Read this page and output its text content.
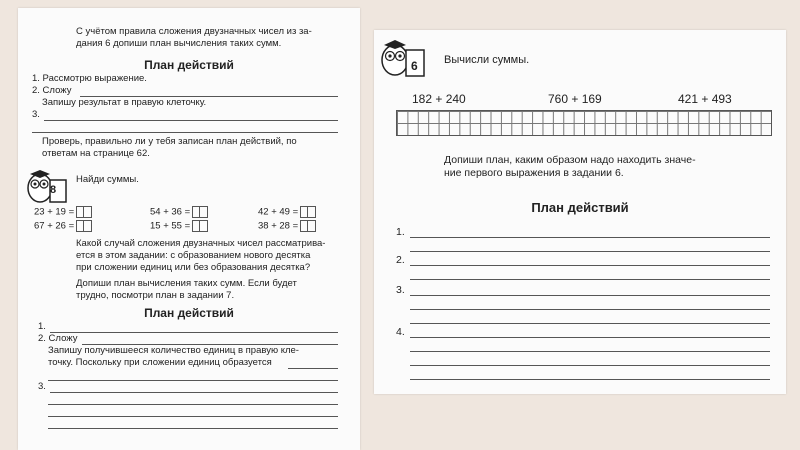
С учётом правила сложения двузначных чисел из за-
дания 6 допиши план вычисления таких сумм.
План действий
1. Рассмотрю выражение.
2. Сложу
Запишу результат в правую клеточку.
3.
Проверь, правильно ли у тебя записан план действий, по
ответам на странице 62.
8
Найди суммы.
23 + 19 =	54 + 36 =	42 + 49 =
67 + 26 =	15 + 55 =	38 + 28 =
Какой случай сложения двузначных чисел рассматрива-
ется в этом задании: с образованием нового десятка
при сложении единиц или без образования десятка?
Допиши план вычисления таких сумм. Если будет
трудно, посмотри план в задании 7.
План действий
1.
2. Сложу
Запишу получившееся количество единиц в правую кле-
точку. Поскольку при сложении единиц образуется
3.
6 Вычисли суммы.
182 + 240	760 + 169	421 + 493
Допиши план, каким образом надо находить значе-
ние первого выражения в задании 6.
План действий
1.
2.
3.
4.
